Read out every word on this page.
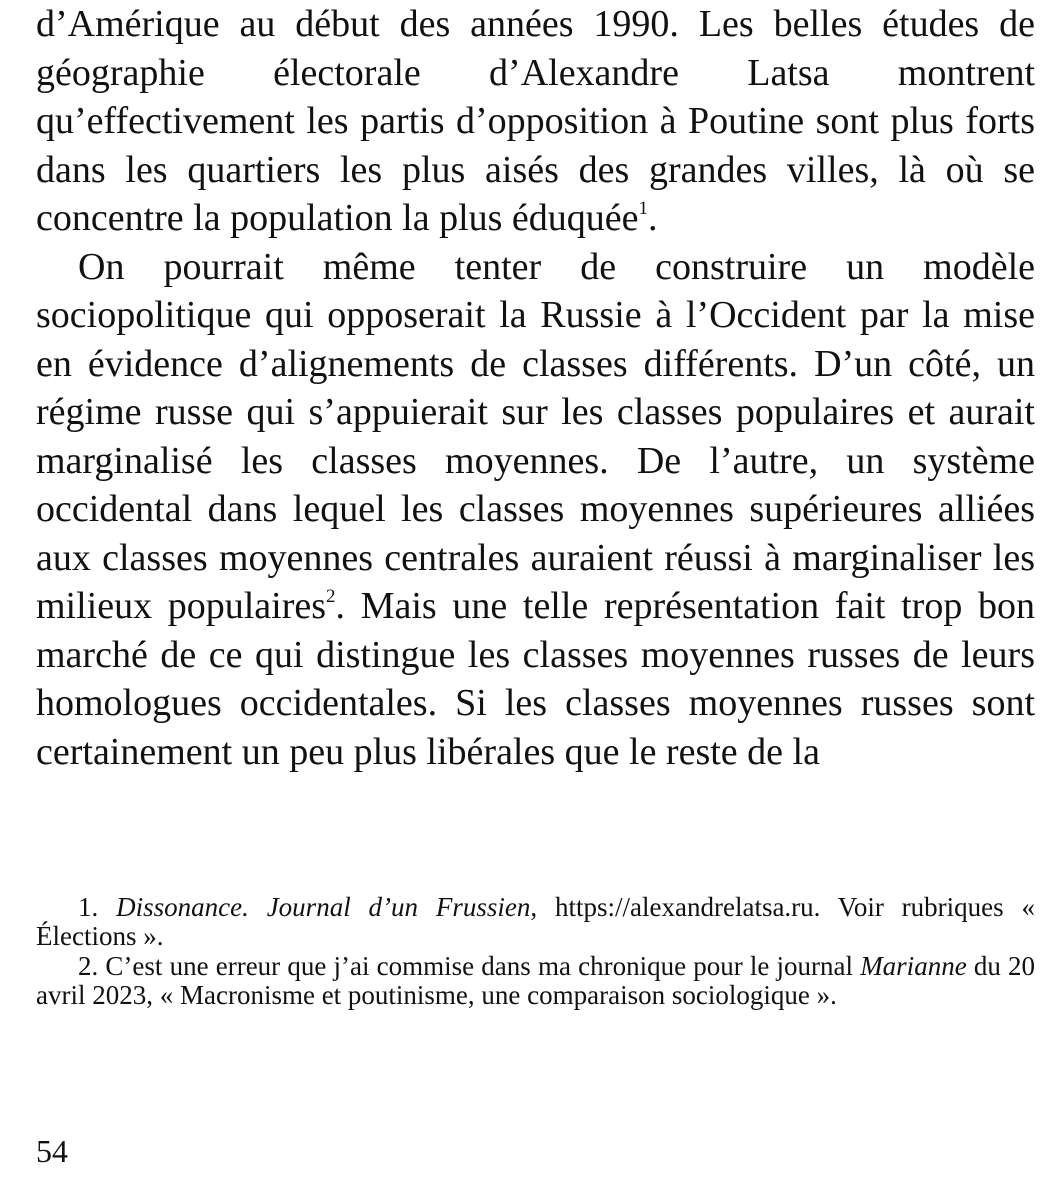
d’Amérique au début des années 1990. Les belles études de géographie électorale d’Alexandre Latsa montrent qu’effectivement les partis d’opposition à Poutine sont plus forts dans les quartiers les plus aisés des grandes villes, là où se concentre la population la plus éduquée$^1$.

On pourrait même tenter de construire un modèle sociopolitique qui opposerait la Russie à l’Occident par la mise en évidence d’alignements de classes différents. D’un côté, un régime russe qui s’appuierait sur les classes populaires et aurait marginalisé les classes moyennes. De l’autre, un système occidental dans lequel les classes moyennes supérieures alliées aux classes moyennes centrales auraient réussi à marginaliser les milieux populaires$^2$. Mais une telle représentation fait trop bon marché de ce qui distingue les classes moyennes russes de leurs homologues occidentales. Si les classes moyennes russes sont certainement un peu plus libérales que le reste de la

1. Dissonance. Journal d’un Frussien, https://alexandrelatsa.ru. Voir rubriques « Élections ».

2. C’est une erreur que j’ai commise dans ma chronique pour le journal Marianne du 20 avril 2023, « Macronisme et poutinisme, une comparaison sociologique ».

54
